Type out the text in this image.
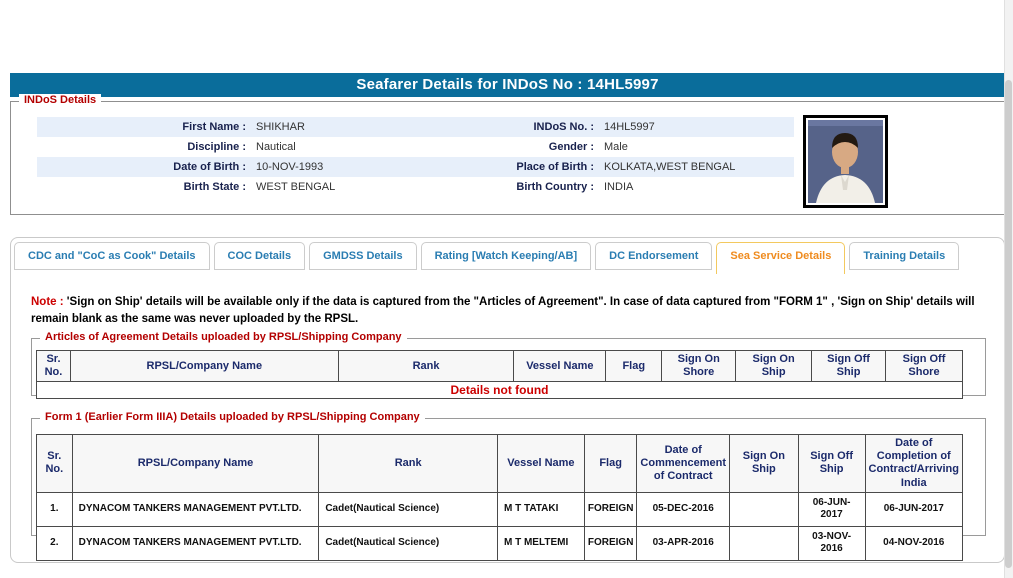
Seafarer Details for INDoS No : 14HL5997
INDoS Details
First Name :	SHIKHAR	INDoS No. :	14HL5997
Discipline :	Nautical	Gender :	Male
Date of Birth :	10-NOV-1993	Place of Birth :	KOLKATA,WEST BENGAL
Birth State :	WEST BENGAL	Birth Country :	INDIA
CDC and "CoC as Cook" Details	COC Details	GMDSS Details	Rating [Watch Keeping/AB]	DC Endorsement	Sea Service Details	Training Details
Note : 'Sign on Ship' details will be available only if the data is captured from the "Articles of Agreement". In case of data captured from "FORM 1" , 'Sign on Ship' details will remain blank as the same was never uploaded by the RPSL.
Articles of Agreement Details uploaded by RPSL/Shipping Company
Sr. No.	RPSL/Company Name	Rank	Vessel Name	Flag	Sign On Shore	Sign On Ship	Sign Off Ship	Sign Off Shore
Details not found
Form 1 (Earlier Form IIIA) Details uploaded by RPSL/Shipping Company
Sr. No.	RPSL/Company Name	Rank	Vessel Name	Flag	Date of Commencement of Contract	Sign On Ship	Sign Off Ship	Date of Completion of Contract/Arriving India
1.	DYNACOM TANKERS MANAGEMENT PVT.LTD.	Cadet(Nautical Science)	M T TATAKI	FOREIGN	05-DEC-2016		06-JUN-2017	06-JUN-2017
2.	DYNACOM TANKERS MANAGEMENT PVT.LTD.	Cadet(Nautical Science)	M T MELTEMI	FOREIGN	03-APR-2016		03-NOV-2016	04-NOV-2016
